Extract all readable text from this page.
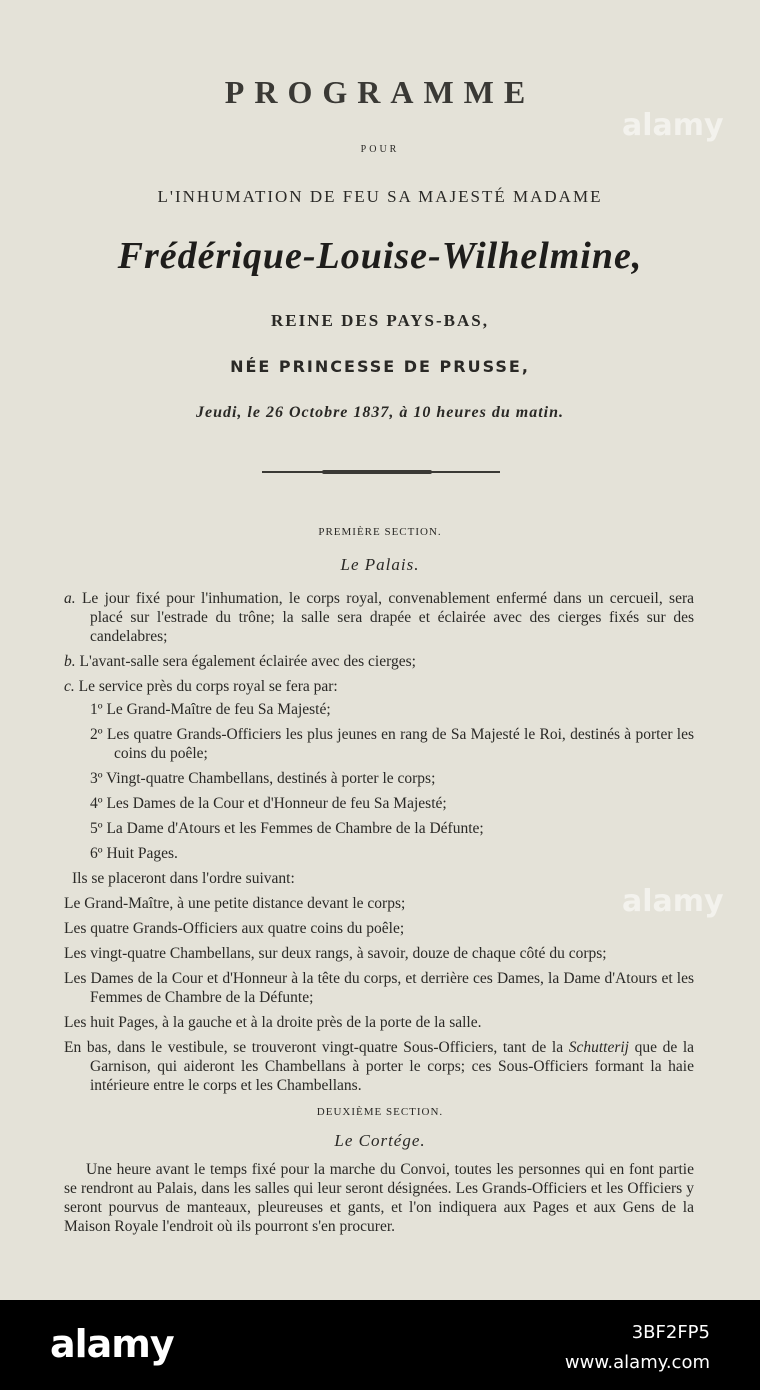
PROGRAMME
POUR
L'INHUMATION DE FEU SA MAJESTÉ MADAME
Frédérique-Louise-Wilhelmine,
REINE DES PAYS-BAS,
NÉE PRINCESSE DE PRUSSE,
Jeudi, le 26 Octobre 1837, à 10 heures du matin.
PREMIÈRE SECTION.
Le Palais.

a. Le jour fixé pour l'inhumation, le corps royal, convenablement enfermé dans un cercueil, sera placé sur l'estrade du trône; la salle sera drapée et éclairée avec des cierges fixés sur des candelabres;

b. L'avant-salle sera également éclairée avec des cierges;

c. Le service près du corps royal se fera par:

1º Le Grand-Maître de feu Sa Majesté;

2º Les quatre Grands-Officiers les plus jeunes en rang de Sa Majesté le Roi, destinés à porter les coins du poêle;

3º Vingt-quatre Chambellans, destinés à porter le corps;

4º Les Dames de la Cour et d'Honneur de feu Sa Majesté;

5º La Dame d'Atours et les Femmes de Chambre de la Défunte;

6º Huit Pages.

Ils se placeront dans l'ordre suivant:

Le Grand-Maître, à une petite distance devant le corps;

Les quatre Grands-Officiers aux quatre coins du poêle;

Les vingt-quatre Chambellans, sur deux rangs, à savoir, douze de chaque côté du corps;

Les Dames de la Cour et d'Honneur à la tête du corps, et derrière ces Dames, la Dame d'Atours et les Femmes de Chambre de la Défunte;

Les huit Pages, à la gauche et à la droite près de la porte de la salle.

En bas, dans le vestibule, se trouveront vingt-quatre Sous-Officiers, tant de la Schutterij que de la Garnison, qui aideront les Chambellans à porter le corps; ces Sous-Officiers formant la haie intérieure entre le corps et les Chambellans.

DEUXIÈME SECTION.
Le Cortége.

Une heure avant le temps fixé pour la marche du Convoi, toutes les personnes qui en font partie se rendront au Palais, dans les salles qui leur seront désignées. Les Grands-Officiers et les Officiers y seront pourvus de manteaux, pleureuses et gants, et l'on indiquera aux Pages et aux Gens de la Maison Royale l'endroit où ils pourront s'en procurer.

alamy
alamy
alamy	3BF2FP5
www.alamy.com
